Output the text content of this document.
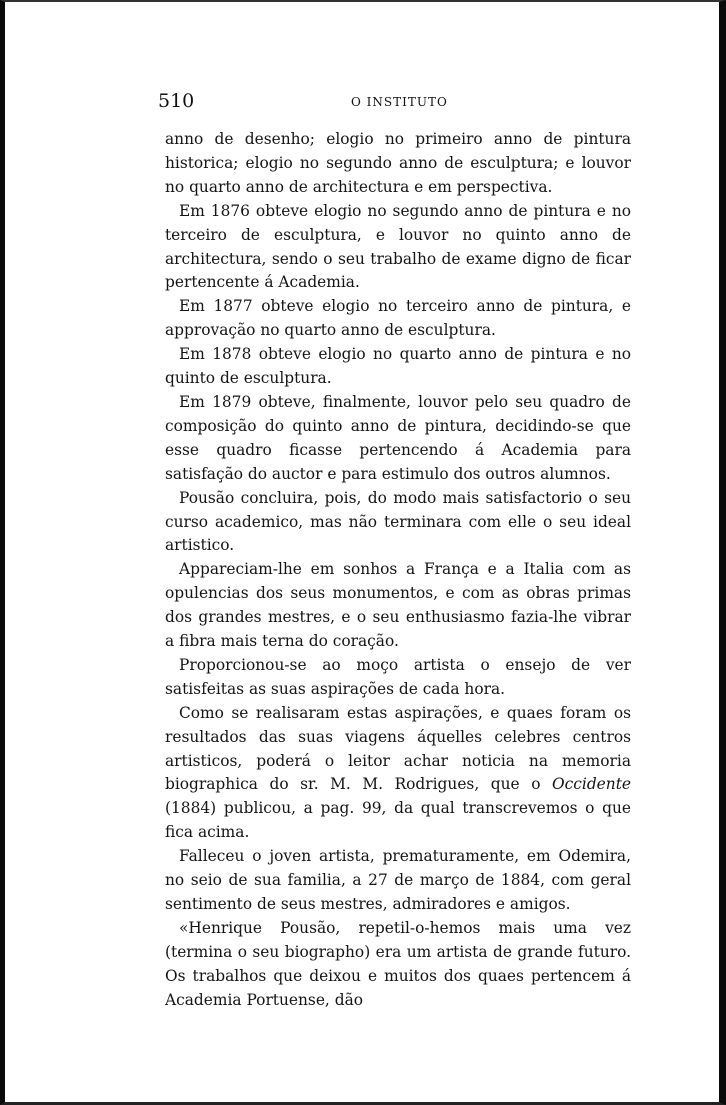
510	O INSTITUTO

anno de desenho; elogio no primeiro anno de pintura historica; elogio no segundo anno de esculptura; e louvor no quarto anno de architectura e em perspectiva.

Em 1876 obteve elogio no segundo anno de pintura e no terceiro de esculptura, e louvor no quinto anno de architectura, sendo o seu trabalho de exame digno de ficar pertencente á Academia.

Em 1877 obteve elogio no terceiro anno de pintura, e approvação no quarto anno de esculptura.

Em 1878 obteve elogio no quarto anno de pintura e no quinto de esculptura.

Em 1879 obteve, finalmente, louvor pelo seu quadro de composição do quinto anno de pintura, decidindo-se que esse quadro ficasse pertencendo á Academia para satisfação do auctor e para estimulo dos outros alumnos.

Pousão concluira, pois, do modo mais satisfactorio o seu curso academico, mas não terminara com elle o seu ideal artistico.

Appareciam-lhe em sonhos a França e a Italia com as opulencias dos seus monumentos, e com as obras primas dos grandes mestres, e o seu enthusiasmo fazia-lhe vibrar a fibra mais terna do coração.

Proporcionou-se ao moço artista o ensejo de ver satisfeitas as suas aspirações de cada hora.

Como se realisaram estas aspirações, e quaes foram os resultados das suas viagens áquelles celebres centros artisticos, poderá o leitor achar noticia na memoria biographica do sr. M. M. Rodrigues, que o Occidente (1884) publicou, a pag. 99, da qual transcrevemos o que fica acima.

Falleceu o joven artista, prematuramente, em Odemira, no seio de sua familia, a 27 de março de 1884, com geral sentimento de seus mestres, admiradores e amigos.

«Henrique Pousão, repetil-o-hemos mais uma vez (termina o seu biographo) era um artista de grande futuro. Os trabalhos que deixou e muitos dos quaes pertencem á Academia Portuense, dão
